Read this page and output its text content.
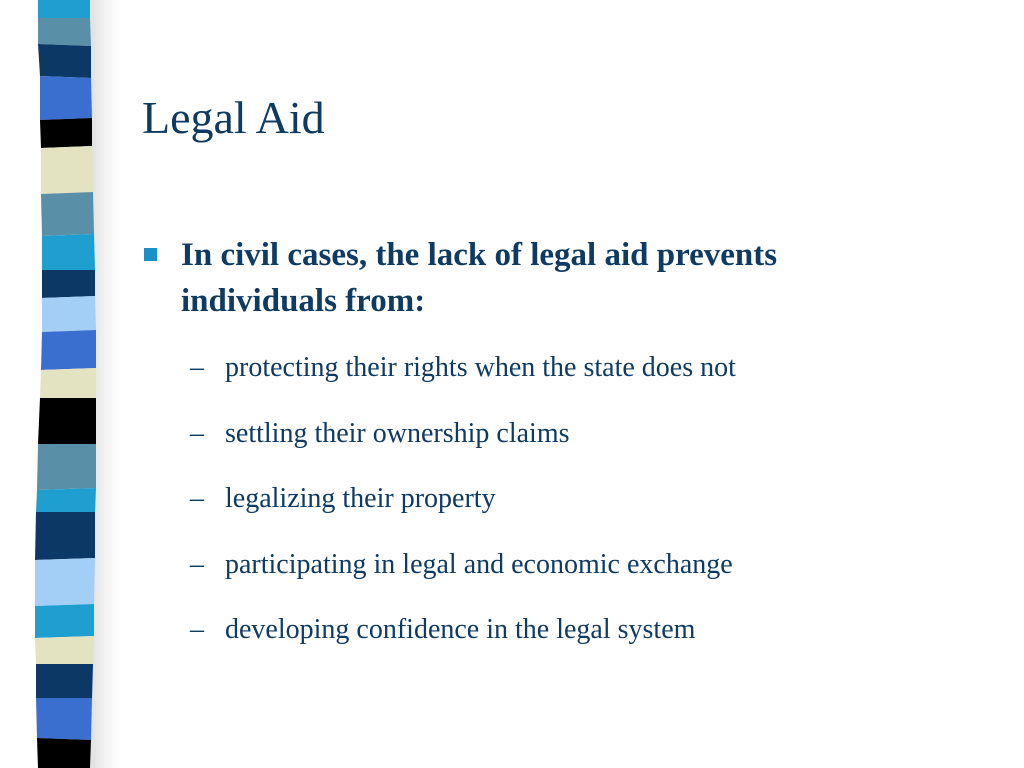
Legal Aid
In civil cases, the lack of legal aid prevents individuals from:
– protecting their rights when the state does not
– settling their ownership claims
– legalizing their property
– participating in legal and economic exchange
– developing confidence in the legal system
